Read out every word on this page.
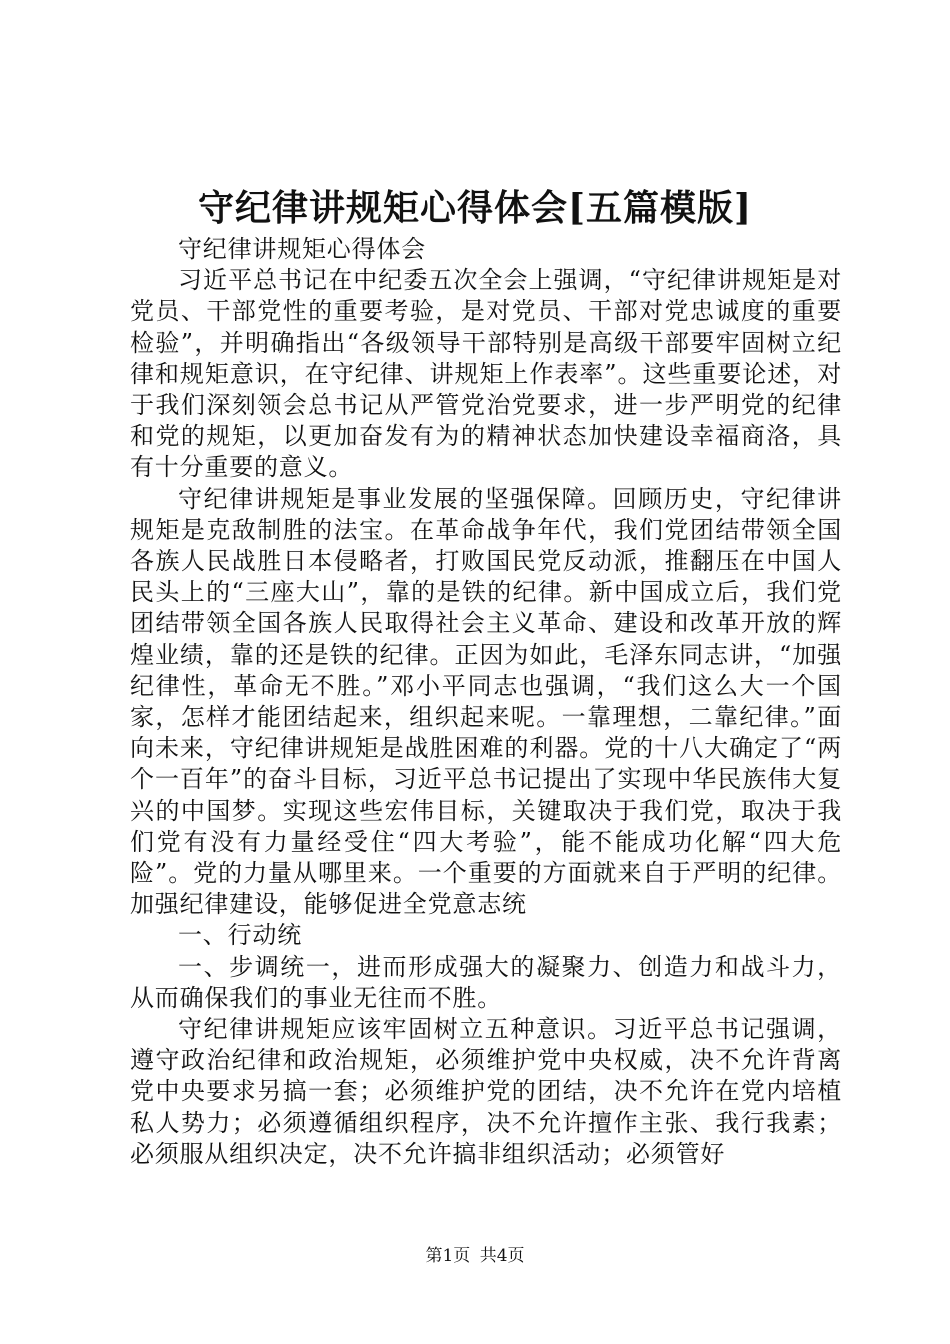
守纪律讲规矩心得体会[五篇模版]

守纪律讲规矩心得体会

习近平总书记在中纪委五次全会上强调，“守纪律讲规矩是对党员、干部党性的重要考验，是对党员、干部对党忠诚度的重要检验”，并明确指出“各级领导干部特别是高级干部要牢固树立纪律和规矩意识，在守纪律、讲规矩上作表率”。这些重要论述，对于我们深刻领会总书记从严管党治党要求，进一步严明党的纪律和党的规矩，以更加奋发有为的精神状态加快建设幸福商洛，具有十分重要的意义。

守纪律讲规矩是事业发展的坚强保障。回顾历史，守纪律讲规矩是克敌制胜的法宝。在革命战争年代，我们党团结带领全国各族人民战胜日本侵略者，打败国民党反动派，推翻压在中国人民头上的“三座大山”，靠的是铁的纪律。新中国成立后，我们党团结带领全国各族人民取得社会主义革命、建设和改革开放的辉煌业绩，靠的还是铁的纪律。正因为如此，毛泽东同志讲，“加强纪律性，革命无不胜。”邓小平同志也强调，“我们这么大一个国家，怎样才能团结起来，组织起来呢。一靠理想，二靠纪律。”面向未来，守纪律讲规矩是战胜困难的利器。党的十八大确定了“两个一百年”的奋斗目标，习近平总书记提出了实现中华民族伟大复兴的中国梦。实现这些宏伟目标，关键取决于我们党，取决于我们党有没有力量经受住“四大考验”，能不能成功化解“四大危险”。党的力量从哪里来。一个重要的方面就来自于严明的纪律。加强纪律建设，能够促进全党意志统

一、行动统

一、步调统一，进而形成强大的凝聚力、创造力和战斗力，从而确保我们的事业无往而不胜。

守纪律讲规矩应该牢固树立五种意识。习近平总书记强调，遵守政治纪律和政治规矩，必须维护党中央权威，决不允许背离党中央要求另搞一套；必须维护党的团结，决不允许在党内培植私人势力；必须遵循组织程序，决不允许擅作主张、我行我素；必须服从组织决定，决不允许搞非组织活动；必须管好

第1页 共4页
